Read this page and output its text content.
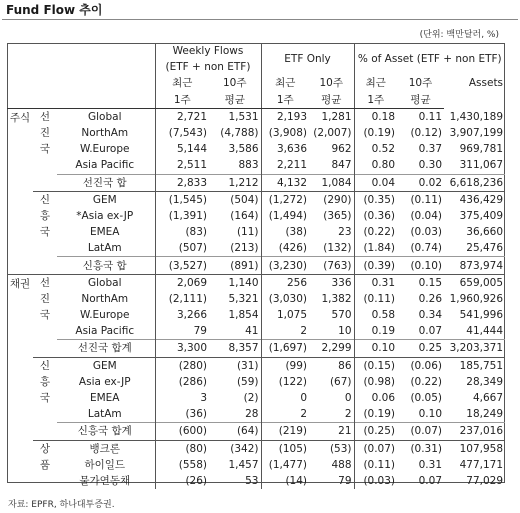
Fund Flow 추이
(단위: 백만달러, %)
			Weekly Flows		ETF Only		% of Asset (ETF + non ETF)		
			(ETF + non ETF)						
			최근	10주	최근	10주	최근	10주	Assets
			1주	평균	1주	평균	1주	평균	
주식	선	Global	2,721	1,531	2,193	1,281	0.18	0.11	1,430,189
	진	NorthAm	(7,543)	(4,788)	(3,908)	(2,007)	(0.19)	(0.12)	3,907,199
	국	W.Europe	5,144	3,586	3,636	962	0.52	0.37	969,781
		Asia Pacific	2,511	883	2,211	847	0.80	0.30	311,067
		선진국 합	2,833	1,212	4,132	1,084	0.04	0.02	6,618,236
	신	GEM	(1,545)	(504)	(1,272)	(290)	(0.35)	(0.11)	436,429
	흥	*Asia ex-JP	(1,391)	(164)	(1,494)	(365)	(0.36)	(0.04)	375,409
	국	EMEA	(83)	(11)	(38)	23	(0.22)	(0.03)	36,660
		LatAm	(507)	(213)	(426)	(132)	(1.84)	(0.74)	25,476
		신흥국 합	(3,527)	(891)	(3,230)	(763)	(0.39)	(0.10)	873,974
채권	선	Global	2,069	1,140	256	336	0.31	0.15	659,005
	진	NorthAm	(2,111)	5,321	(3,030)	1,382	(0.11)	0.26	1,960,926
	국	W.Europe	3,266	1,854	1,075	570	0.58	0.34	541,996
		Asia Pacific	79	41	2	10	0.19	0.07	41,444
		선진국 합계	3,300	8,357	(1,697)	2,299	0.10	0.25	3,203,371
	신	GEM	(280)	(31)	(99)	86	(0.15)	(0.06)	185,751
	흥	Asia ex-JP	(286)	(59)	(122)	(67)	(0.98)	(0.22)	28,349
	국	EMEA	3	(2)	0	0	0.06	(0.05)	4,667
		LatAm	(36)	28	2	2	(0.19)	0.10	18,249
		신흥국 합계	(600)	(64)	(219)	21	(0.25)	(0.07)	237,016
	상	뱅크론	(80)	(342)	(105)	(53)	(0.07)	(0.31)	107,958
	품	하이일드	(558)	1,457	(1,477)	488	(0.11)	0.31	477,171
		물가연동채	(26)	53	(14)	79	(0.03)	0.07	77,029
자료: EPFR, 하나대투증권.
